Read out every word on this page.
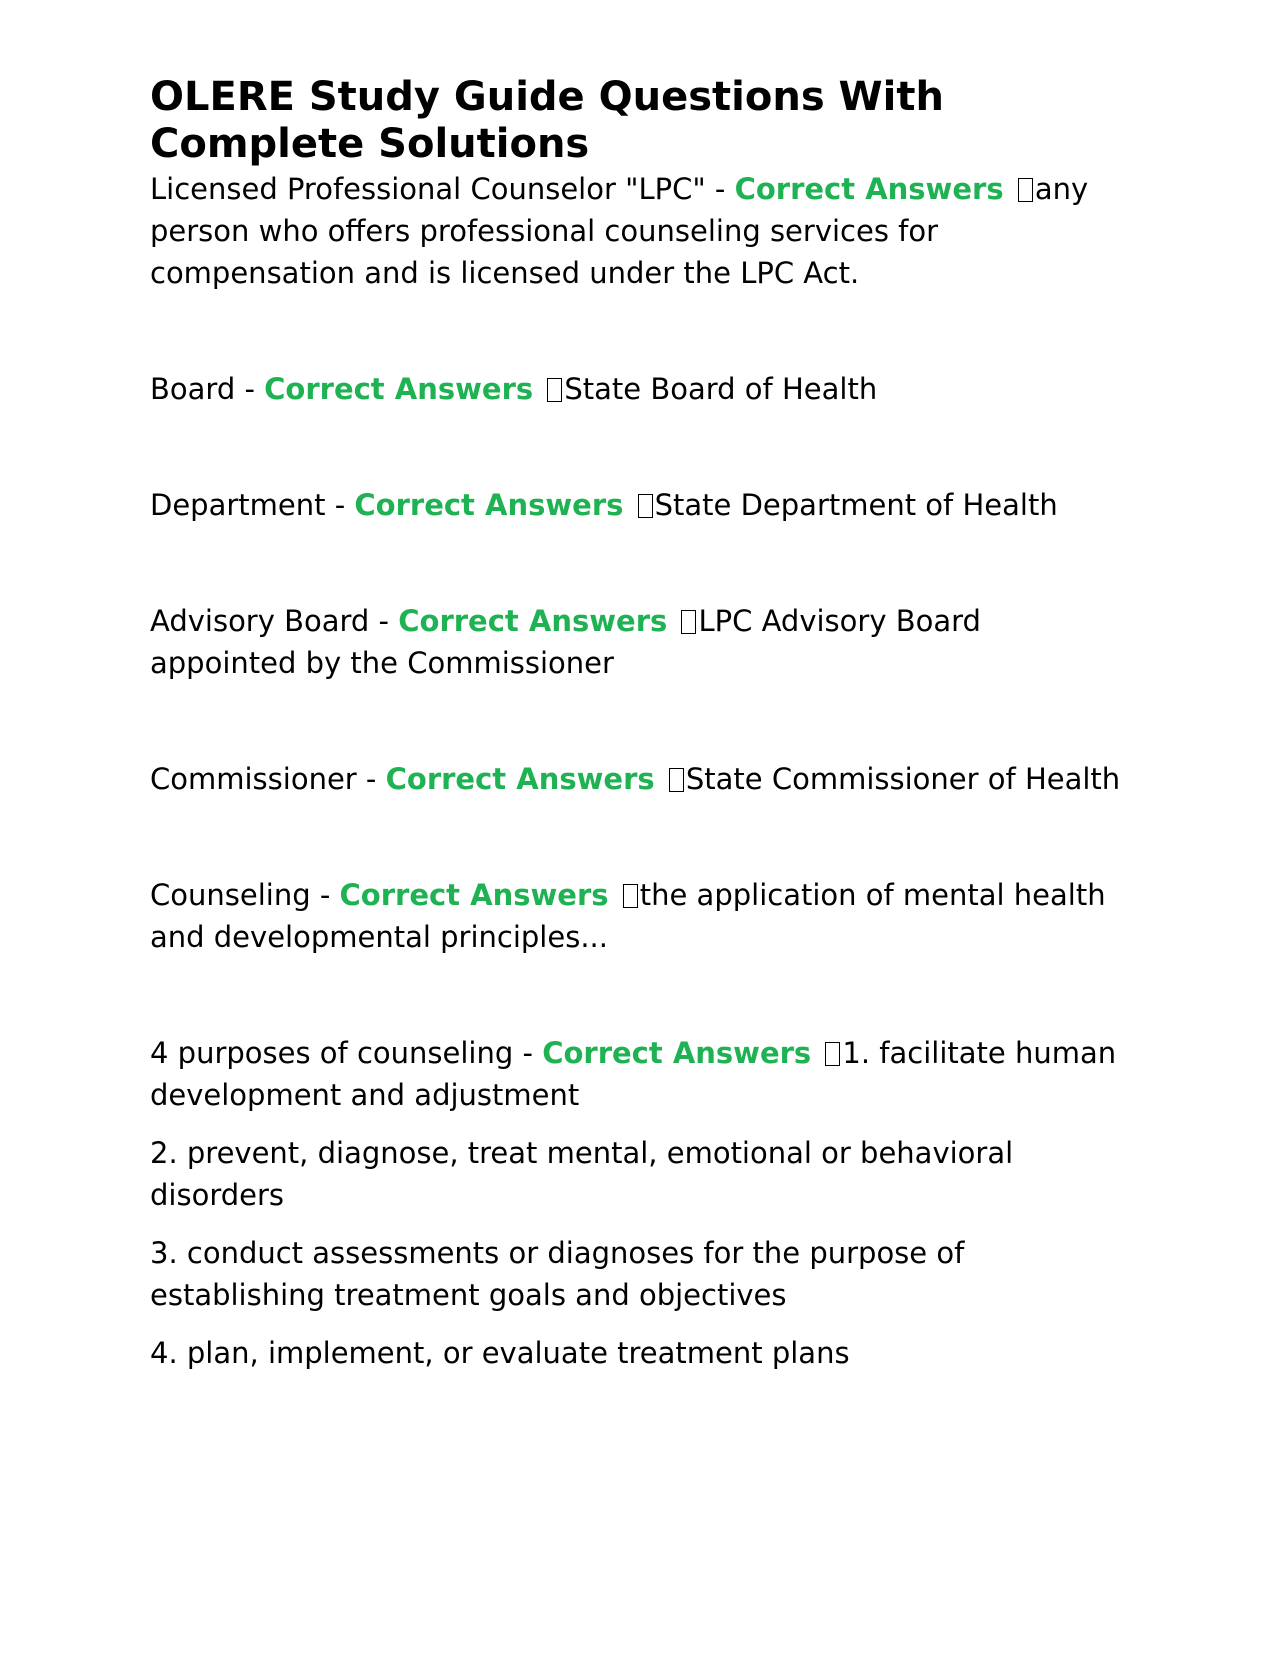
OLERE Study Guide Questions With Complete Solutions

Licensed Professional Counselor "LPC" - Correct Answers any person who offers professional counseling services for compensation and is licensed under the LPC Act.

Board - Correct Answers State Board of Health

Department - Correct Answers State Department of Health

Advisory Board - Correct Answers LPC Advisory Board appointed by the Commissioner

Commissioner - Correct Answers State Commissioner of Health

Counseling - Correct Answers the application of mental health and developmental principles...

4 purposes of counseling - Correct Answers 1. facilitate human development and adjustment

2. prevent, diagnose, treat mental, emotional or behavioral disorders

3. conduct assessments or diagnoses for the purpose of establishing treatment goals and objectives

4. plan, implement, or evaluate treatment plans
